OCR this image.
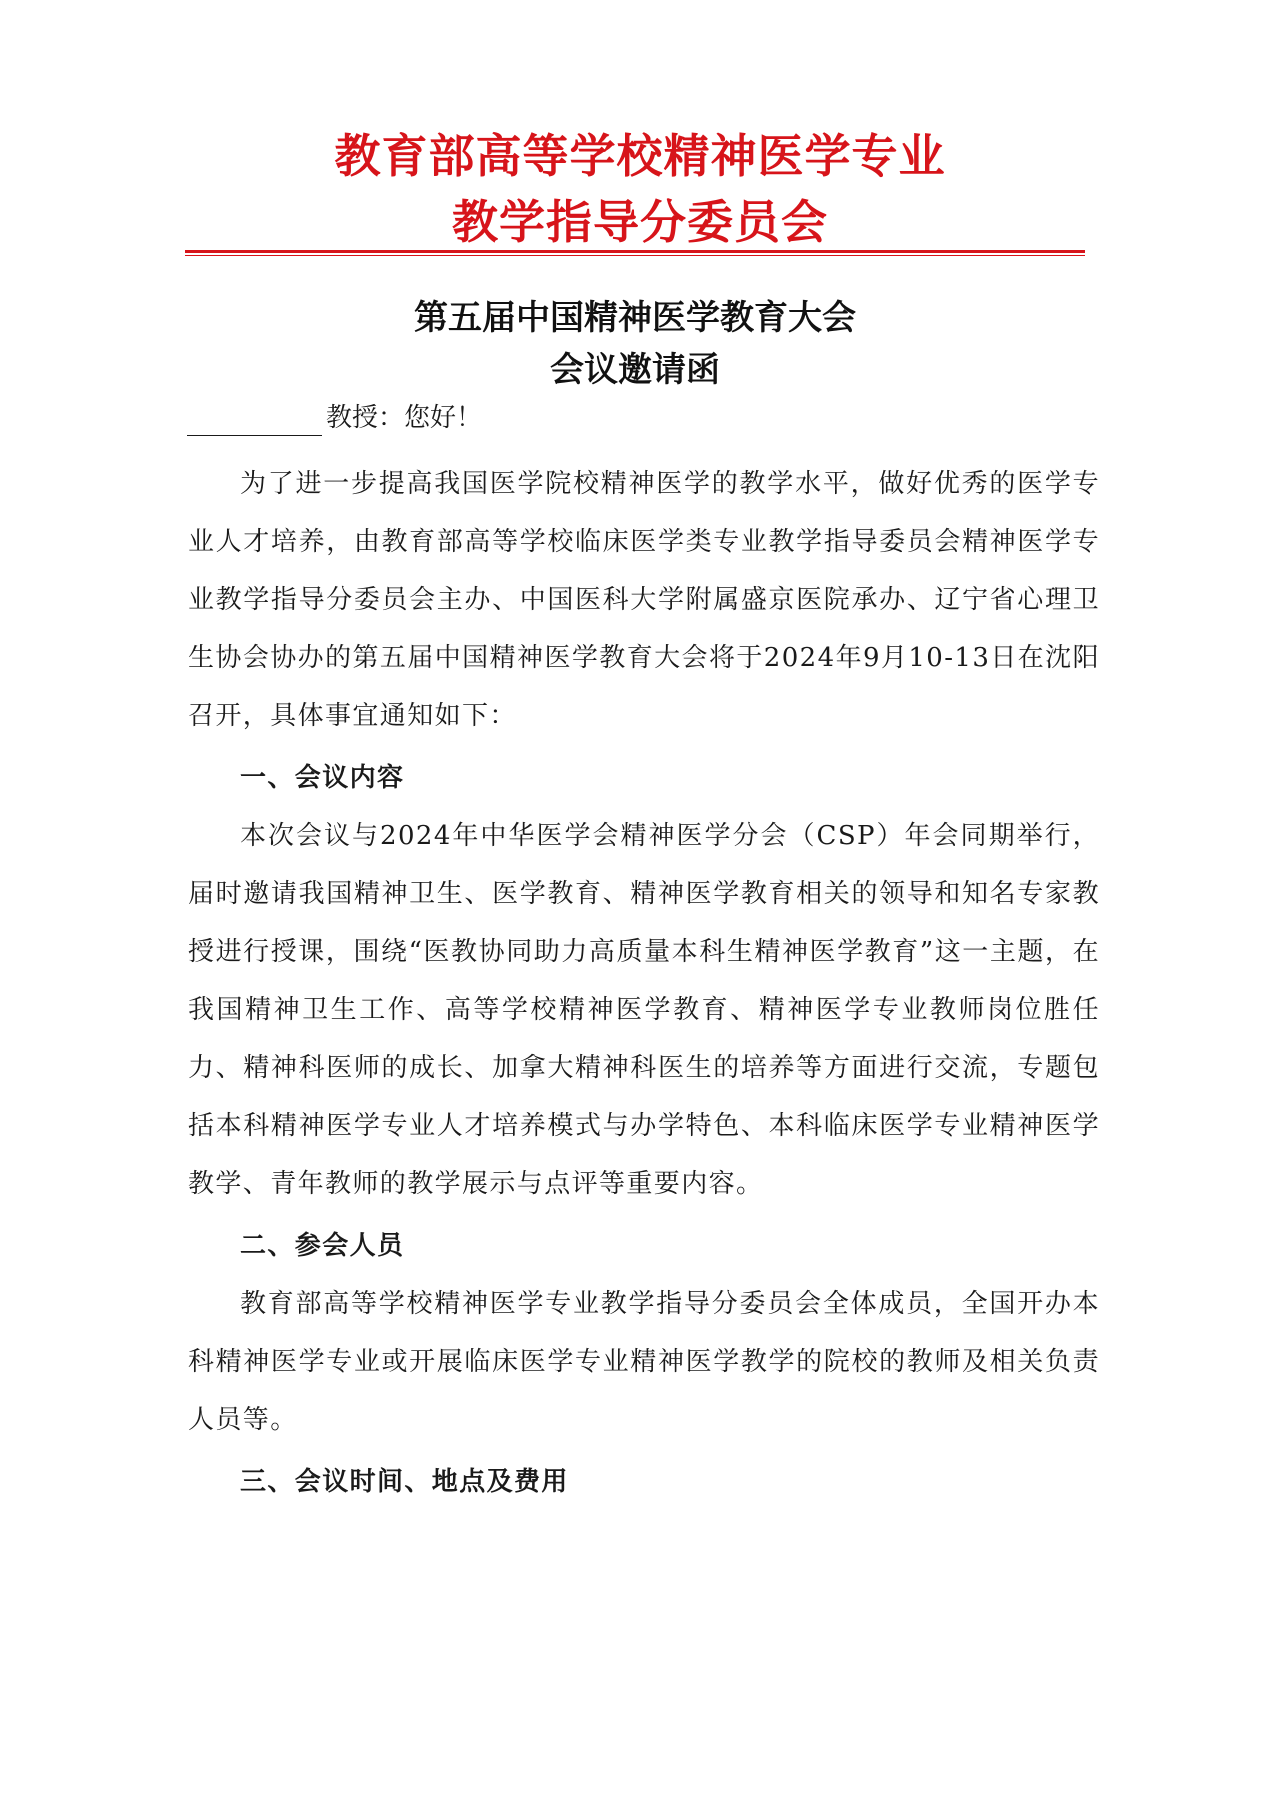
教育部高等学校精神医学专业
教学指导分委员会
第五届中国精神医学教育大会
会议邀请函
教授：您好！

为了进一步提高我国医学院校精神医学的教学水平，做好优秀的医学专业人才培养，由教育部高等学校临床医学类专业教学指导委员会精神医学专业教学指导分委员会主办、中国医科大学附属盛京医院承办、辽宁省心理卫生协会协办的第五届中国精神医学教育大会将于2024年9月10-13日在沈阳召开，具体事宜通知如下：

一、会议内容

本次会议与2024年中华医学会精神医学分会（CSP）年会同期举行，届时邀请我国精神卫生、医学教育、精神医学教育相关的领导和知名专家教授进行授课，围绕“医教协同助力高质量本科生精神医学教育”这一主题，在我国精神卫生工作、高等学校精神医学教育、精神医学专业教师岗位胜任力、精神科医师的成长、加拿大精神科医生的培养等方面进行交流，专题包括本科精神医学专业人才培养模式与办学特色、本科临床医学专业精神医学教学、青年教师的教学展示与点评等重要内容。

二、参会人员

教育部高等学校精神医学专业教学指导分委员会全体成员，全国开办本科精神医学专业或开展临床医学专业精神医学教学的院校的教师及相关负责人员等。

三、会议时间、地点及费用
